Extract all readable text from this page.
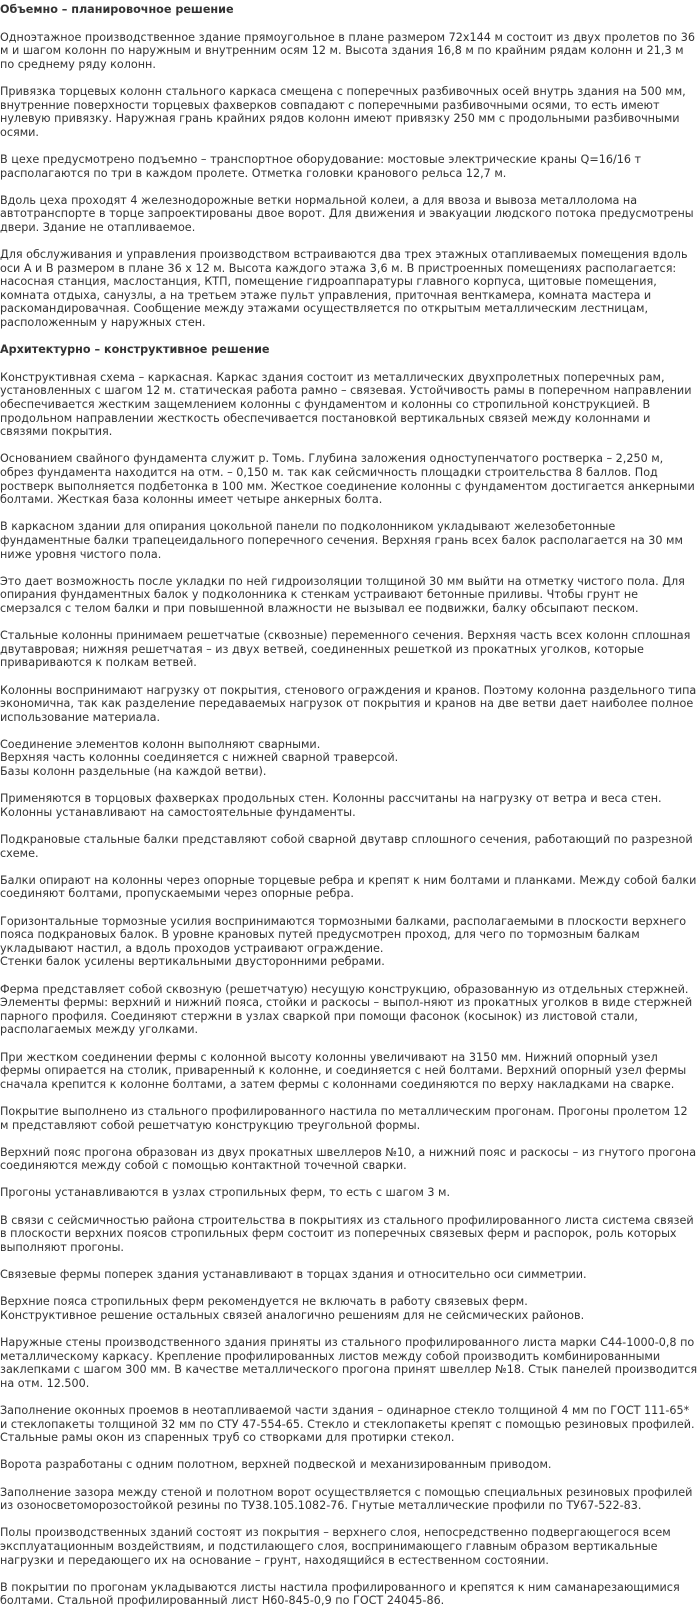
Объемно – планировочное решение

Одноэтажное производственное здание прямоугольное в плане размером 72х144 м состоит из двух пролетов по 36 м и шагом колонн по наружным и внутренним осям 12 м. Высота здания 16,8 м по крайним рядам колонн и 21,3 м по среднему ряду колонн.

Привязка торцевых колонн стального каркаса смещена с поперечных разбивочных осей внутрь здания на 500 мм, внутренние поверхности торцевых фахверков совпадают с поперечными разбивочными осями, то есть имеют нулевую привязку. Наружная грань крайних рядов колонн имеют привязку 250 мм с продольными разбивочными осями.

В цехе предусмотрено подъемно – транспортное оборудование: мостовые электрические краны Q=16/16 т располагаются по три в каждом пролете. Отметка головки кранового рельса 12,7 м.

Вдоль цеха проходят 4 железнодорожные ветки нормальной колеи, а для ввоза и вывоза металлолома на автотранспорте в торце запроектированы двое ворот. Для движения и эвакуации людского потока предусмотрены двери. Здание не отапливаемое.

Для обслуживания и управления производством встраиваются два трех этажных отапливаемых помещения вдоль оси А и В размером в плане 36 х 12 м. Высота каждого этажа 3,6 м. В пристроенных помещениях располагается: насосная станция, маслостанция, КТП, помещение гидроаппаратуры главного корпуса, щитовые помещения, комната отдыха, санузлы, а на третьем этаже пульт управления, приточная венткамера, комната мастера и раскомандировачная. Сообщение между этажами осуществляется по открытым металлическим лестницам, расположенным у наружных стен.

Архитектурно – конструктивное решение

Конструктивная схема – каркасная. Каркас здания состоит из металлических двухпролетных поперечных рам, установленных с шагом 12 м. статическая работа рамно – связевая. Устойчивость рамы в поперечном направлении обеспечивается жестким защемлением колонны с фундаментом и колонны со стропильной конструкцией. В продольном направлении жесткость обеспечивается постановкой вертикальных связей между колоннами и связями покрытия.

Основанием свайного фундамента служит р. Томь. Глубина заложения одноступенчатого ростверка – 2,250 м, обрез фундамента находится на отм. – 0,150 м. так как сейсмичность площадки строительства 8 баллов. Под ростверк выполняется подбетонка в 100 мм. Жесткое соединение колонны с фундаментом достигается анкерными болтами. Жесткая база колонны имеет четыре анкерных болта.

В каркасном здании для опирания цокольной панели по подколонником укладывают железобетонные фундаментные балки трапецеидального поперечного сечения. Верхняя грань всех балок располагается на 30 мм ниже уровня чистого пола.

Это дает возможность после укладки по ней гидроизоляции толщиной 30 мм выйти на отметку чистого пола. Для опирания фундаментных балок у подколонника к стенкам устраивают бетонные приливы. Чтобы грунт не смерзался с телом балки и при повышенной влажности не вызывал ее подвижки, балку обсыпают песком.

Стальные колонны принимаем решетчатые (сквозные) переменного сечения. Верхняя часть всех колонн сплошная двутавровая; нижняя решетчатая – из двух ветвей, соединенных решеткой из прокатных уголков, которые привариваются к полкам ветвей.

Колонны воспринимают нагрузку от покрытия, стенового ограждения и кранов. Поэтому колонна раздельного типа экономична, так как разделение передаваемых нагрузок от покрытия и кранов на две ветви дает наиболее полное использование материала.

Соединение элементов колонн выполняют сварными.
Верхняя часть колонны соединяется с нижней сварной траверсой.
Базы колонн раздельные (на каждой ветви).

Применяются в торцовых фахверках продольных стен. Колонны рассчитаны на нагрузку от ветра и веса стен. Колонны устанавливают на самостоятельные фундаменты.

Подкрановые стальные балки представляют собой сварной двутавр сплошного сечения, работающий по разрезной схеме.

Балки опирают на колонны через опорные торцевые ребра и крепят к ним болтами и планками. Между собой балки соединяют болтами, пропускаемыми через опорные ребра.

Горизонтальные тормозные усилия воспринимаются тормозными балками, располагаемыми в плоскости верхнего пояса подкрановых балок. В уровне крановых путей предусмотрен проход, для чего по тормозным балкам укладывают настил, а вдоль проходов устраивают ограждение.
Стенки балок усилены вертикальными двусторонними ребрами.

Ферма представляет собой сквозную (решетчатую) несущую конструкцию, образованную из отдельных стержней. Элементы фермы: верхний и нижний пояса, стойки и раскосы – выпол-няют из прокатных уголков в виде стержней парного профиля. Соединяют стержни в узлах сваркой при помощи фасонок (косынок) из листовой стали, располагаемых между уголками.

При жестком соединении фермы с колонной высоту колонны увеличивают на 3150 мм. Нижний опорный узел фермы опирается на столик, приваренный к колонне, и соединяется с ней болтами. Верхний опорный узел фермы сначала крепится к колонне болтами, а затем фермы с колоннами соединяются по верху накладками на сварке.

Покрытие выполнено из стального профилированного настила по металлическим прогонам. Прогоны пролетом 12 м представляют собой решетчатую конструкцию треугольной формы.

Верхний пояс прогона образован из двух прокатных швеллеров №10, а нижний пояс и раскосы – из гнутого прогона соединяются между собой с помощью контактной точечной сварки.

Прогоны устанавливаются в узлах стропильных ферм, то есть с шагом 3 м.

В связи с сейсмичностью района строительства в покрытиях из стального профилированного листа система связей в плоскости верхних поясов стропильных ферм состоит из поперечных связевых ферм и распорок, роль которых выполняют прогоны.

Связевые фермы поперек здания устанавливают в торцах здания и относительно оси симметрии.

Верхние пояса стропильных ферм рекомендуется не включать в работу связевых ферм.
Конструктивное решение остальных связей аналогично решениям для не сейсмических районов.

Наружные стены производственного здания приняты из стального профилированного листа марки С44-1000-0,8 по металлическому каркасу. Крепление профилированных листов между собой производить комбинированными заклепками с шагом 300 мм. В качестве металлического прогона принят швеллер №18. Стык панелей производится на отм. 12.500.

Заполнение оконных проемов в неотапливаемой части здания – одинарное стекло толщиной 4 мм по ГОСТ 111-65* и стеклопакеты толщиной 32 мм по СТУ 47-554-65. Стекло и стеклопакеты крепят с помощью резиновых профилей. Стальные рамы окон из спаренных труб со створками для протирки стекол.

Ворота разработаны с одним полотном, верхней подвеской и механизированным приводом.

Заполнение зазора между стеной и полотном ворот осуществляется с помощью специальных резиновых профилей из озоносветоморозостойкой резины по ТУ38.105.1082-76. Гнутые металлические профили по ТУ67-522-83.

Полы производственных зданий состоят из покрытия – верхнего слоя, непосредственно подвергающегося всем эксплуатационным воздействиям, и подстилающего слоя, воспринимающего главным образом вертикальные нагрузки и передающего их на основание – грунт, находящийся в естественном состоянии.

В покрытии по прогонам укладываются листы настила профилированного и крепятся к ним саманарезающимися болтами. Стальной профилированный лист Н60-845-0,9 по ГОСТ 24045-86.
